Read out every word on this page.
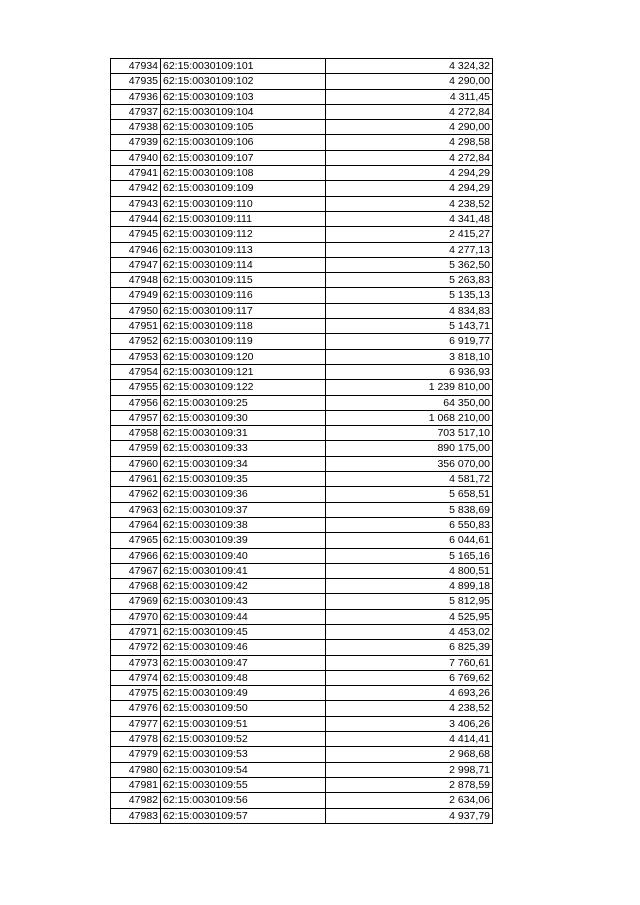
47934	62:15:0030109:101	4 324,32
47935	62:15:0030109:102	4 290,00
47936	62:15:0030109:103	4 311,45
47937	62:15:0030109:104	4 272,84
47938	62:15:0030109:105	4 290,00
47939	62:15:0030109:106	4 298,58
47940	62:15:0030109:107	4 272,84
47941	62:15:0030109:108	4 294,29
47942	62:15:0030109:109	4 294,29
47943	62:15:0030109:110	4 238,52
47944	62:15:0030109:111	4 341,48
47945	62:15:0030109:112	2 415,27
47946	62:15:0030109:113	4 277,13
47947	62:15:0030109:114	5 362,50
47948	62:15:0030109:115	5 263,83
47949	62:15:0030109:116	5 135,13
47950	62:15:0030109:117	4 834,83
47951	62:15:0030109:118	5 143,71
47952	62:15:0030109:119	6 919,77
47953	62:15:0030109:120	3 818,10
47954	62:15:0030109:121	6 936,93
47955	62:15:0030109:122	1 239 810,00
47956	62:15:0030109:25	64 350,00
47957	62:15:0030109:30	1 068 210,00
47958	62:15:0030109:31	703 517,10
47959	62:15:0030109:33	890 175,00
47960	62:15:0030109:34	356 070,00
47961	62:15:0030109:35	4 581,72
47962	62:15:0030109:36	5 658,51
47963	62:15:0030109:37	5 838,69
47964	62:15:0030109:38	6 550,83
47965	62:15:0030109:39	6 044,61
47966	62:15:0030109:40	5 165,16
47967	62:15:0030109:41	4 800,51
47968	62:15:0030109:42	4 899,18
47969	62:15:0030109:43	5 812,95
47970	62:15:0030109:44	4 525,95
47971	62:15:0030109:45	4 453,02
47972	62:15:0030109:46	6 825,39
47973	62:15:0030109:47	7 760,61
47974	62:15:0030109:48	6 769,62
47975	62:15:0030109:49	4 693,26
47976	62:15:0030109:50	4 238,52
47977	62:15:0030109:51	3 406,26
47978	62:15:0030109:52	4 414,41
47979	62:15:0030109:53	2 968,68
47980	62:15:0030109:54	2 998,71
47981	62:15:0030109:55	2 878,59
47982	62:15:0030109:56	2 634,06
47983	62:15:0030109:57	4 937,79
